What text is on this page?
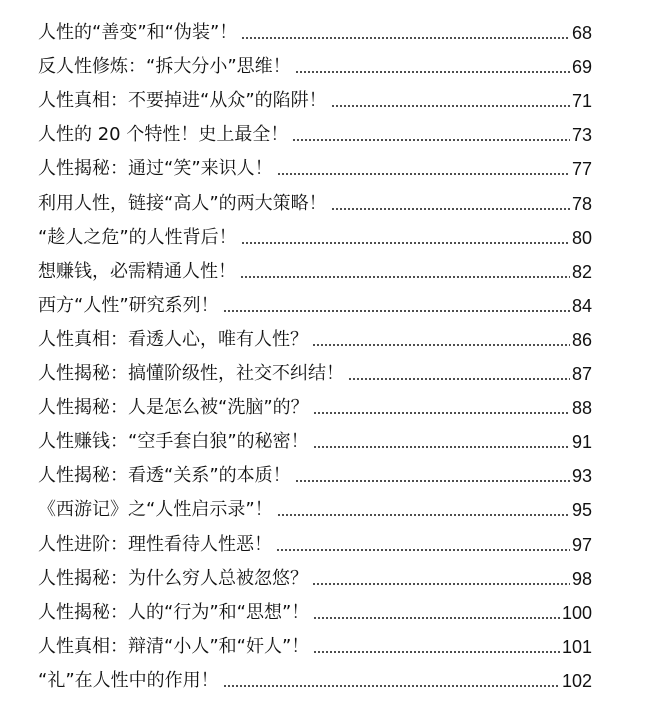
人性的“善变”和“伪装”！	68
反人性修炼：“拆大分小”思维！	69
人性真相：不要掉进“从众”的陷阱！	71
人性的 20 个特性！史上最全！	73
人性揭秘：通过“笑”来识人！	77
利用人性，链接“高人”的两大策略！	78
“趁人之危”的人性背后！	80
想赚钱，必需精通人性！	82
西方“人性”研究系列！	84
人性真相：看透人心，唯有人性？	86
人性揭秘：搞懂阶级性，社交不纠结！	87
人性揭秘：人是怎么被“洗脑”的？	88
人性赚钱：“空手套白狼”的秘密！	91
人性揭秘：看透“关系”的本质！	93
《西游记》之“人性启示录”！	95
人性进阶：理性看待人性恶！	97
人性揭秘：为什么穷人总被忽悠？	98
人性揭秘：人的“行为”和“思想”！	100
人性真相：辩清“小人”和“奸人”！	101
“礼”在人性中的作用！	102
